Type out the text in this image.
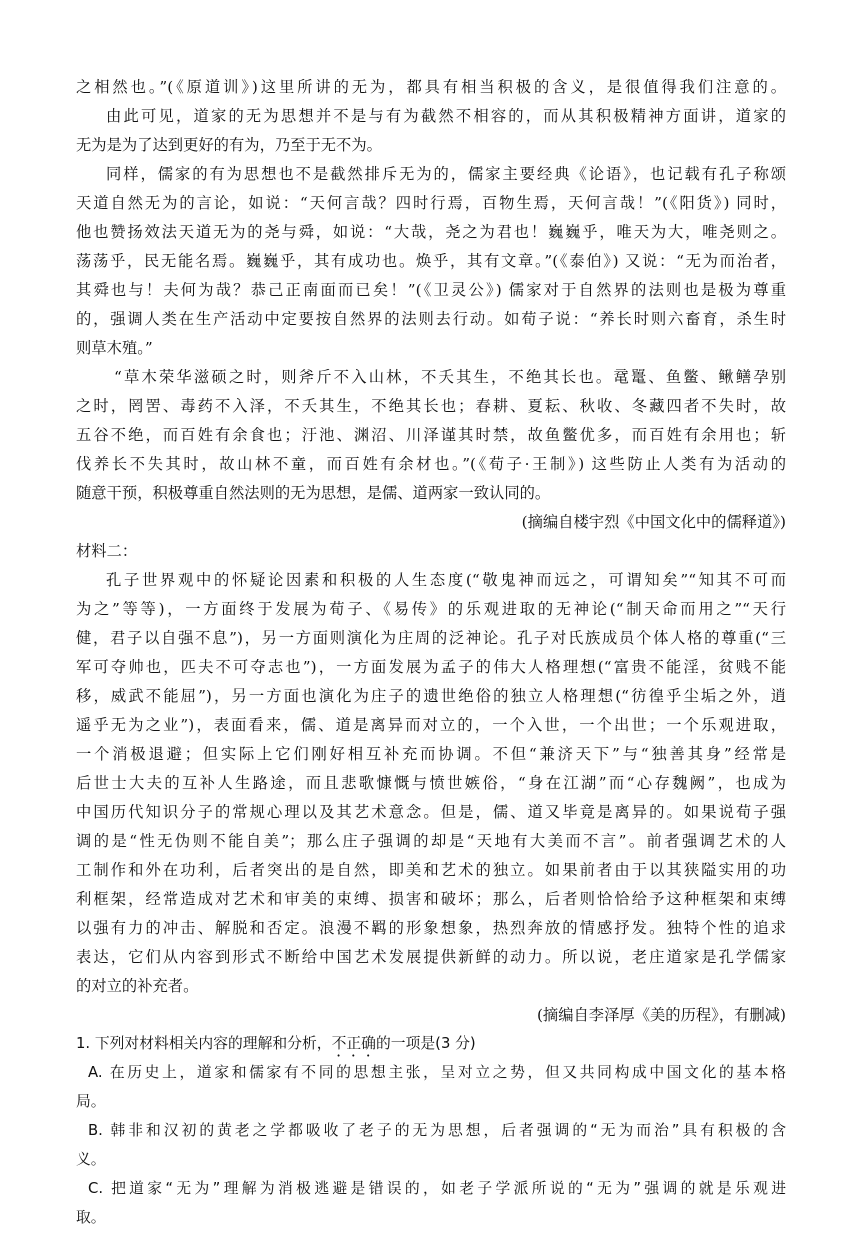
之相然也。”(《原道训》)这里所讲的无为，都具有相当积极的含义，是很值得我们注意的。
由此可见，道家的无为思想并不是与有为截然不相容的，而从其积极精神方面讲，道家的
无为是为了达到更好的有为，乃至于无不为。
同样，儒家的有为思想也不是截然排斥无为的，儒家主要经典《论语》，也记载有孔子称颂
天道自然无为的言论，如说：“天何言哉？四时行焉，百物生焉，天何言哉！”(《阳货》) 同时，
他也赞扬效法天道无为的尧与舜，如说：“大哉，尧之为君也！巍巍乎，唯天为大，唯尧则之。
荡荡乎，民无能名焉。巍巍乎，其有成功也。焕乎，其有文章。”(《泰伯》) 又说：“无为而治者，
其舜也与！夫何为哉？恭己正南面而已矣！”(《卫灵公》) 儒家对于自然界的法则也是极为尊重
的，强调人类在生产活动中定要按自然界的法则去行动。如荀子说：“养长时则六畜育，杀生时
则草木殖。”
“草木荣华滋硕之时，则斧斤不入山林，不夭其生，不绝其长也。鼋鼍、鱼鳖、鳅鳝孕别
之时，罔罟、毒药不入泽，不夭其生，不绝其长也；春耕、夏耘、秋收、冬藏四者不失时，故
五谷不绝，而百姓有余食也；汙池、渊沼、川泽谨其时禁，故鱼鳖优多，而百姓有余用也；斩
伐养长不失其时，故山林不童，而百姓有余材也。”(《荀子·王制》) 这些防止人类有为活动的
随意干预，积极尊重自然法则的无为思想，是儒、道两家一致认同的。
(摘编自楼宇烈《中国文化中的儒释道》)
材料二：
孔子世界观中的怀疑论因素和积极的人生态度(“敬鬼神而远之，可谓知矣”“知其不可而
为之”等等)，一方面终于发展为荀子、《易传》的乐观进取的无神论(“制天命而用之”“天行
健，君子以自强不息”)，另一方面则演化为庄周的泛神论。孔子对氏族成员个体人格的尊重(“三
军可夺帅也，匹夫不可夺志也”)，一方面发展为孟子的伟大人格理想(“富贵不能淫，贫贱不能
移，威武不能屈”)，另一方面也演化为庄子的遗世绝俗的独立人格理想(“彷徨乎尘垢之外，逍
遥乎无为之业”)，表面看来，儒、道是离异而对立的，一个入世，一个出世；一个乐观进取，
一个消极退避；但实际上它们刚好相互补充而协调。不但“兼济天下”与“独善其身”经常是
后世士大夫的互补人生路途，而且悲歌慷慨与愤世嫉俗，“身在江湖”而“心存魏阙”，也成为
中国历代知识分子的常规心理以及其艺术意念。但是，儒、道又毕竟是离异的。如果说荀子强
调的是“性无伪则不能自美”；那么庄子强调的却是“天地有大美而不言”。前者强调艺术的人
工制作和外在功利，后者突出的是自然，即美和艺术的独立。如果前者由于以其狭隘实用的功
利框架，经常造成对艺术和审美的束缚、损害和破坏；那么，后者则恰恰给予这种框架和束缚
以强有力的冲击、解脱和否定。浪漫不羁的形象想象，热烈奔放的情感抒发。独特个性的追求
表达，它们从内容到形式不断给中国艺术发展提供新鲜的动力。所以说，老庄道家是孔学儒家
的对立的补充者。
(摘编自李泽厚《美的历程》，有删减)
1. 下列对材料相关内容的理解和分析，不正确的一项是(3 分)
A. 在历史上，道家和儒家有不同的思想主张，呈对立之势，但又共同构成中国文化的基本格
局。
B. 韩非和汉初的黄老之学都吸收了老子的无为思想，后者强调的“无为而治”具有积极的含
义。
C. 把道家“无为”理解为消极逃避是错误的，如老子学派所说的“无为”强调的就是乐观进
取。
